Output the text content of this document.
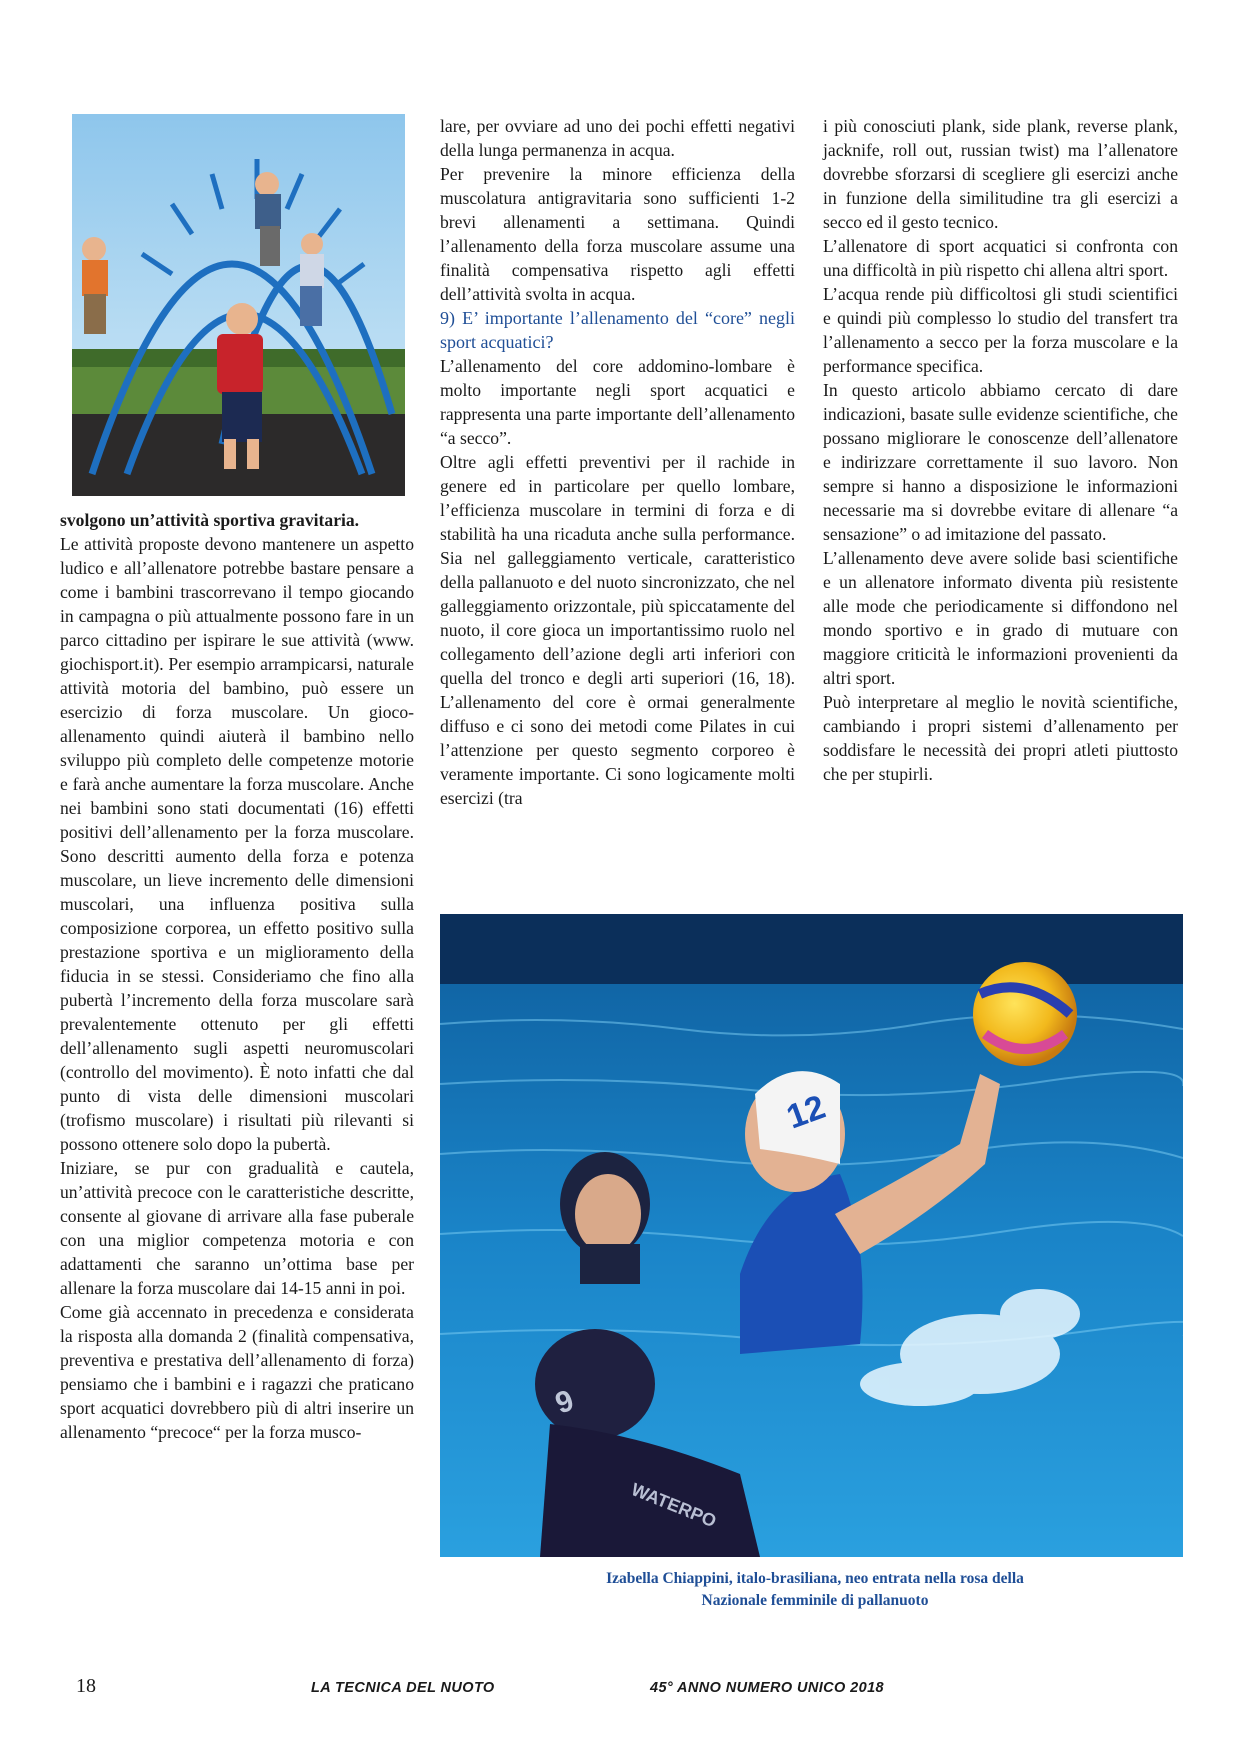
svolgono un’attività sportiva gravitaria.

Le attività proposte devono mantenere un aspetto ludico e all’allenatore potrebbe bastare pensare a come i bambini trascorrevano il tempo giocando in campagna o più attualmente possono fare in un parco cittadino per ispirare le sue attività (www. giochisport.it). Per esempio arrampicarsi, naturale attività motoria del bambino, può essere un esercizio di forza muscolare. Un gioco-allenamento quindi aiuterà il bambino nello sviluppo più completo delle competenze motorie e farà anche aumentare la forza muscolare. Anche nei bambini sono stati documentati (16) effetti positivi dell’allenamento per la forza muscolare. Sono descritti aumento della forza e potenza muscolare, un lieve incremento delle dimensioni muscolari, una influenza positiva sulla composizione corporea, un effetto positivo sulla prestazione sportiva e un miglioramento della fiducia in se stessi. Consideriamo che fino alla pubertà l’incremento della forza muscolare sarà prevalentemente ottenuto per gli effetti dell’allenamento sugli aspetti neuromuscolari (controllo del movimento). È noto infatti che dal punto di vista delle dimensioni muscolari (trofismo muscolare) i risultati più rilevanti si possono ottenere solo dopo la pubertà.

Iniziare, se pur con gradualità e cautela, un’attività precoce con le caratteristiche descritte, consente al giovane di arrivare alla fase puberale con una miglior competenza motoria e con adattamenti che saranno un’ottima base per allenare la forza muscolare dai 14-15 anni in poi.

Come già accennato in precedenza e considerata la risposta alla domanda 2 (finalità compensativa, preventiva e prestativa dell’allenamento di forza) pensiamo che i bambini e i ragazzi che praticano sport acquatici dovrebbero più di altri inserire un allenamento “precoce“ per la forza musco-

lare, per ovviare ad uno dei pochi effetti negativi della lunga permanenza in acqua.

Per prevenire la minore efficienza della muscolatura antigravitaria sono sufficienti 1-2 brevi allenamenti a settimana. Quindi l’allenamento della forza muscolare assume una finalità compensativa rispetto agli effetti dell’attività svolta in acqua.

9) E’ importante l’allenamento del “core” negli sport acquatici?

L’allenamento del core addomino-lombare è molto importante negli sport acquatici e rappresenta una parte importante dell’allenamento “a secco”.

Oltre agli effetti preventivi per il rachide in genere ed in particolare per quello lombare, l’efficienza muscolare in termini di forza e di stabilità ha una ricaduta anche sulla performance. Sia nel galleggiamento verticale, caratteristico della pallanuoto e del nuoto sincronizzato, che nel galleggiamento orizzontale, più spiccatamente del nuoto, il core gioca un importantissimo ruolo nel collegamento dell’azione degli arti inferiori con quella del tronco e degli arti superiori (16, 18). L’allenamento del core è ormai generalmente diffuso e ci sono dei metodi come Pilates in cui l’attenzione per questo segmento corporeo è veramente importante. Ci sono logicamente molti esercizi (tra

i più conosciuti plank, side plank, reverse plank, jacknife, roll out, russian twist) ma l’allenatore dovrebbe sforzarsi di scegliere gli esercizi anche in funzione della similitudine tra gli esercizi a secco ed il gesto tecnico.

L’allenatore di sport acquatici si confronta con una difficoltà in più rispetto chi allena altri sport.

L’acqua rende più difficoltosi gli studi scientifici e quindi più complesso lo studio del transfert tra l’allenamento a secco per la forza muscolare e la performance specifica.

In questo articolo abbiamo cercato di dare indicazioni, basate sulle evidenze scientifiche, che possano migliorare le conoscenze dell’allenatore e indirizzare correttamente il suo lavoro. Non sempre si hanno a disposizione le informazioni necessarie ma si dovrebbe evitare di allenare “a sensazione” o ad imitazione del passato.

L’allenamento deve avere solide basi scientifiche e un allenatore informato diventa più resistente alle mode che periodicamente si diffondono nel mondo sportivo e in grado di mutuare con maggiore criticità le informazioni provenienti da altri sport.

Può interpretare al meglio le novità scientifiche, cambiando i propri sistemi d’allenamento per soddisfare le necessità dei propri atleti piuttosto che per stupirli.

12
9
WATERPO
Izabella Chiappini, italo-brasiliana, neo entrata nella rosa della
Nazionale femminile di pallanuoto
18	LA TECNICA DEL NUOTO	45° ANNO NUMERO UNICO 2018
